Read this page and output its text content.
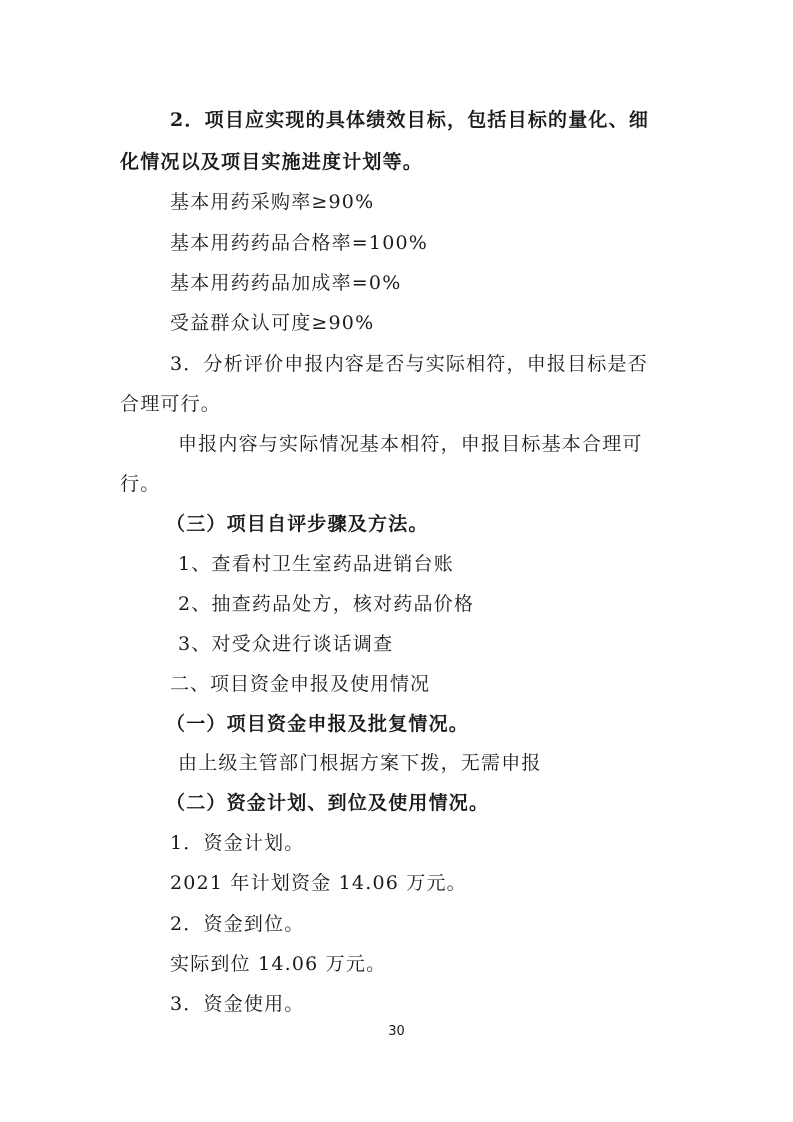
2．项目应实现的具体绩效目标，包括目标的量化、细
化情况以及项目实施进度计划等。
基本用药采购率≥90%
基本用药药品合格率=100%
基本用药药品加成率=0%
受益群众认可度≥90%
3．分析评价申报内容是否与实际相符，申报目标是否
合理可行。
申报内容与实际情况基本相符，申报目标基本合理可
行。
（三）项目自评步骤及方法。
1、查看村卫生室药品进销台账
2、抽查药品处方，核对药品价格
3、对受众进行谈话调查
二、项目资金申报及使用情况
（一）项目资金申报及批复情况。
由上级主管部门根据方案下拨，无需申报
（二）资金计划、到位及使用情况。
1．资金计划。
2021 年计划资金 14.06 万元。
2．资金到位。
实际到位 14.06 万元。
3．资金使用。
30
